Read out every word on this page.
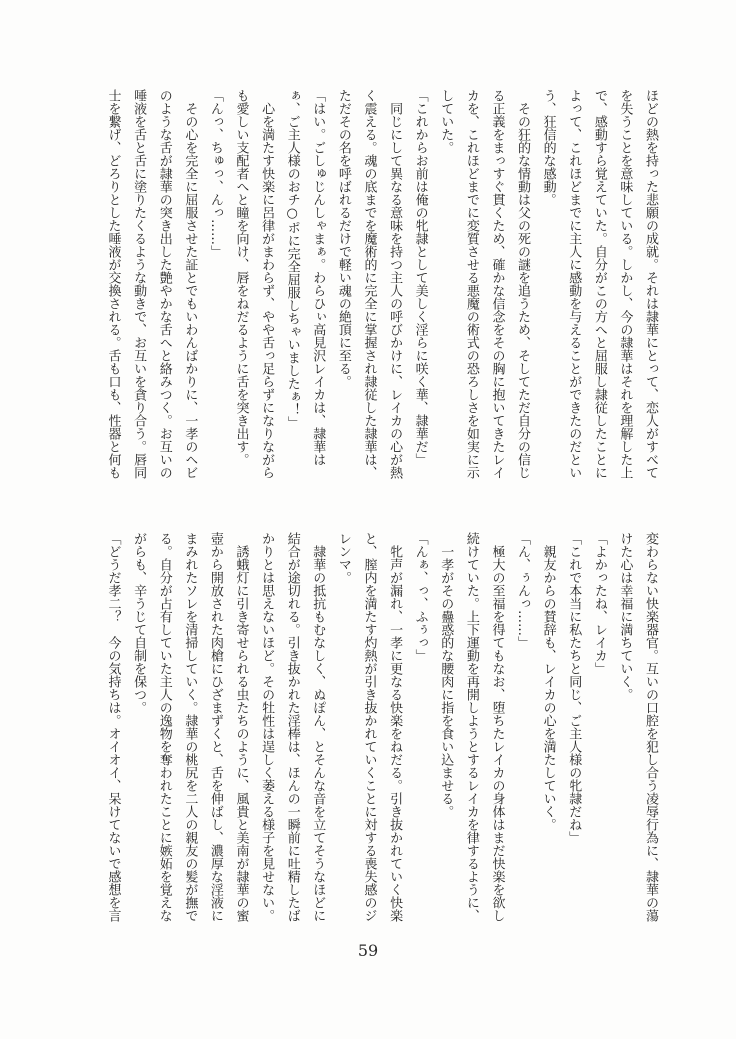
ほどの熱を持った悲願の成就。それは隷華にとって、恋人がすべて
を失うことを意味している。しかし、今の隷華はそれを理解した上
で、感動すら覚えていた。自分がこの方へと屈服し隷従したことに
よって、これほどまでに主人に感動を与えることができたのだとい
う、狂信的な感動。
その狂的な情動は父の死の謎を追うため、そしてただ自分の信じ
る正義をまっすぐ貫くため、確かな信念をその胸に抱いてきたレイ
カを、これほどまでに変質させる悪魔の術式の恐ろしさを如実に示
していた。
「これからお前は俺の牝隷として美しく淫らに咲く華、隷華だ」
同じにして異なる意味を持つ主人の呼びかけに、レイカの心が熱
く震える。魂の底までを魔術的に完全に掌握され隷従した隷華は、
ただその名を呼ばれるだけで軽い魂の絶頂に至る。
「はい。ごしゅじんしゃまぁ。わらひぃ高見沢レイカは、隷華は
ぁ、ご主人様のおチ○ポに完全屈服しちゃいましたぁ！」
心を満たす快楽に呂律がまわらず、やや舌っ足らずになりながら
も愛しい支配者へと瞳を向け、唇をねだるように舌を突き出す。
「んっ、ちゅっ、んっ……」
その心を完全に屈服させた証とでもいわんばかりに、一孝のヘビ
のような舌が隷華の突き出した艶やかな舌へと絡みつく。お互いの
唾液を舌と舌に塗りたくるような動きで、お互いを貪り合う。唇同
士を繋げ、どろりとした唾液が交換される。舌も口も、性器と何も
変わらない快楽器官。互いの口腔を犯し合う凌辱行為に、隷華の蕩
けた心は幸福に満ちていく。
「よかったね、レイカ」
「これで本当に私たちと同じ、ご主人様の牝隷だね」
親友からの賛辞も、レイカの心を満たしていく。
「ん、ぅんっ……」
極大の至福を得てもなお、堕ちたレイカの身体はまだ快楽を欲し
続けていた。上下運動を再開しようとするレイカを律するように、
一孝がその蠱惑的な腰肉に指を食い込ませる。
「んぁ、っ、ふぅっ」
牝声が漏れ、一孝に更なる快楽をねだる。引き抜かれていく快楽
と、膣内を満たす灼熱が引き抜かれていくことに対する喪失感のジ
レンマ。
隷華の抵抗もむなしく、ぬぽん、とそんな音を立てそうなほどに
結合が途切れる。引き抜かれた淫棒は、ほんの一瞬前に吐精したば
かりとは思えないほど。その牡性は逞しく萎える様子を見せない。
誘蛾灯に引き寄せられる虫たちのように、風貴と美南が隷華の蜜
壺から開放された肉槍にひざまずくと、舌を伸ばし、濃厚な淫液に
まみれたソレを清掃していく。隷華の桃尻を二人の親友の髪が撫で
る。自分が占有していた主人の逸物を奪われたことに嫉妬を覚えな
がらも、辛うじて自制を保つ。
「どうだ孝二？　今の気持ちは。オイオイ、呆けてないで感想を言
59
